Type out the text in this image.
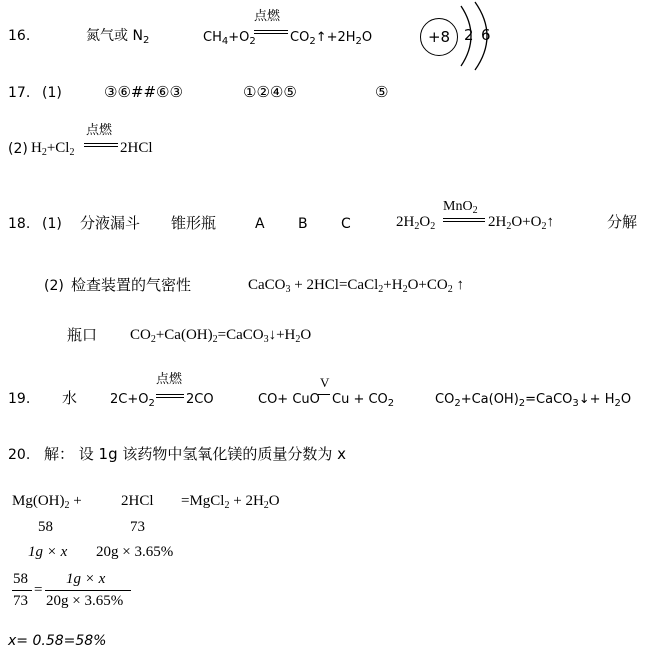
16.	氮气或 $N_2$	$CH_4+O_2$
点燃
$CO_2↑+2H_2O$	+8 2 6
17. (1)	③⑥##⑥③	①②④⑤	⑤
(2) $H_2+Cl_2$
点燃
2HCl
18. (1) 分液漏斗 锥形瓶	A B C	$2H_2O_2$
MnO$_2$
$2H_2O+O_2↑$	分解
(2) 检查装置的气密性	CaCO$_3$ + $2HCl=CaCl_2+H_2O+CO_2$ ↑
瓶口 $CO_2+Ca(OH)_2=CaCO_3↓+H_2O$
19. 水	$2C+O_2$
点燃
2CO	CO+ CuO
V
$Cu + CO_2$	$CO_2+Ca(OH)_2=CaCO_3↓+ H_2O$
20. 解： 设 1g 该药物中氢氧化镁的质量分数为 x
$Mg(OH)_2$ +	2HCl =MgCl$_2$ + $2H_2O$
58	73
1g × x 20g × 3.65%
58
73
=
1g × x
20g × 3.65%
x= 0.58=58%
